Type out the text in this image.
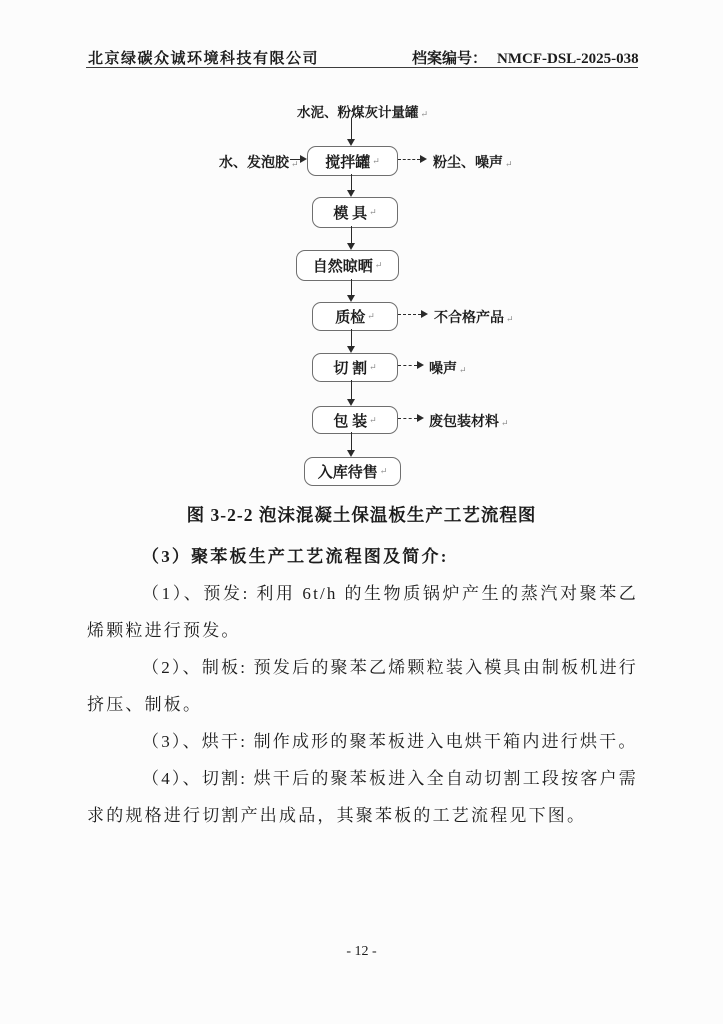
北京绿碳众诚环境科技有限公司	档案编号： NMCF-DSL-2025-038
水泥、粉煤灰计量罐 ↵
水、发泡胶 ↵ 搅拌罐 ↵	粉尘、噪声 ↵
模 具 ↵
自然晾晒 ↵
质检 ↵	不合格产品 ↵
切 割 ↵	噪声 ↵
包 装 ↵	废包装材料 ↵
入库待售 ↵
图 3-2-2 泡沫混凝土保温板生产工艺流程图

（3）聚苯板生产工艺流程图及简介:

（1）、预发: 利用 6t/h 的生物质锅炉产生的蒸汽对聚苯乙烯颗粒进行预发。

（2）、制板: 预发后的聚苯乙烯颗粒装入模具由制板机进行挤压、制板。

（3）、烘干: 制作成形的聚苯板进入电烘干箱内进行烘干。

（4）、切割: 烘干后的聚苯板进入全自动切割工段按客户需求的规格进行切割产出成品，其聚苯板的工艺流程见下图。

- 12 -
